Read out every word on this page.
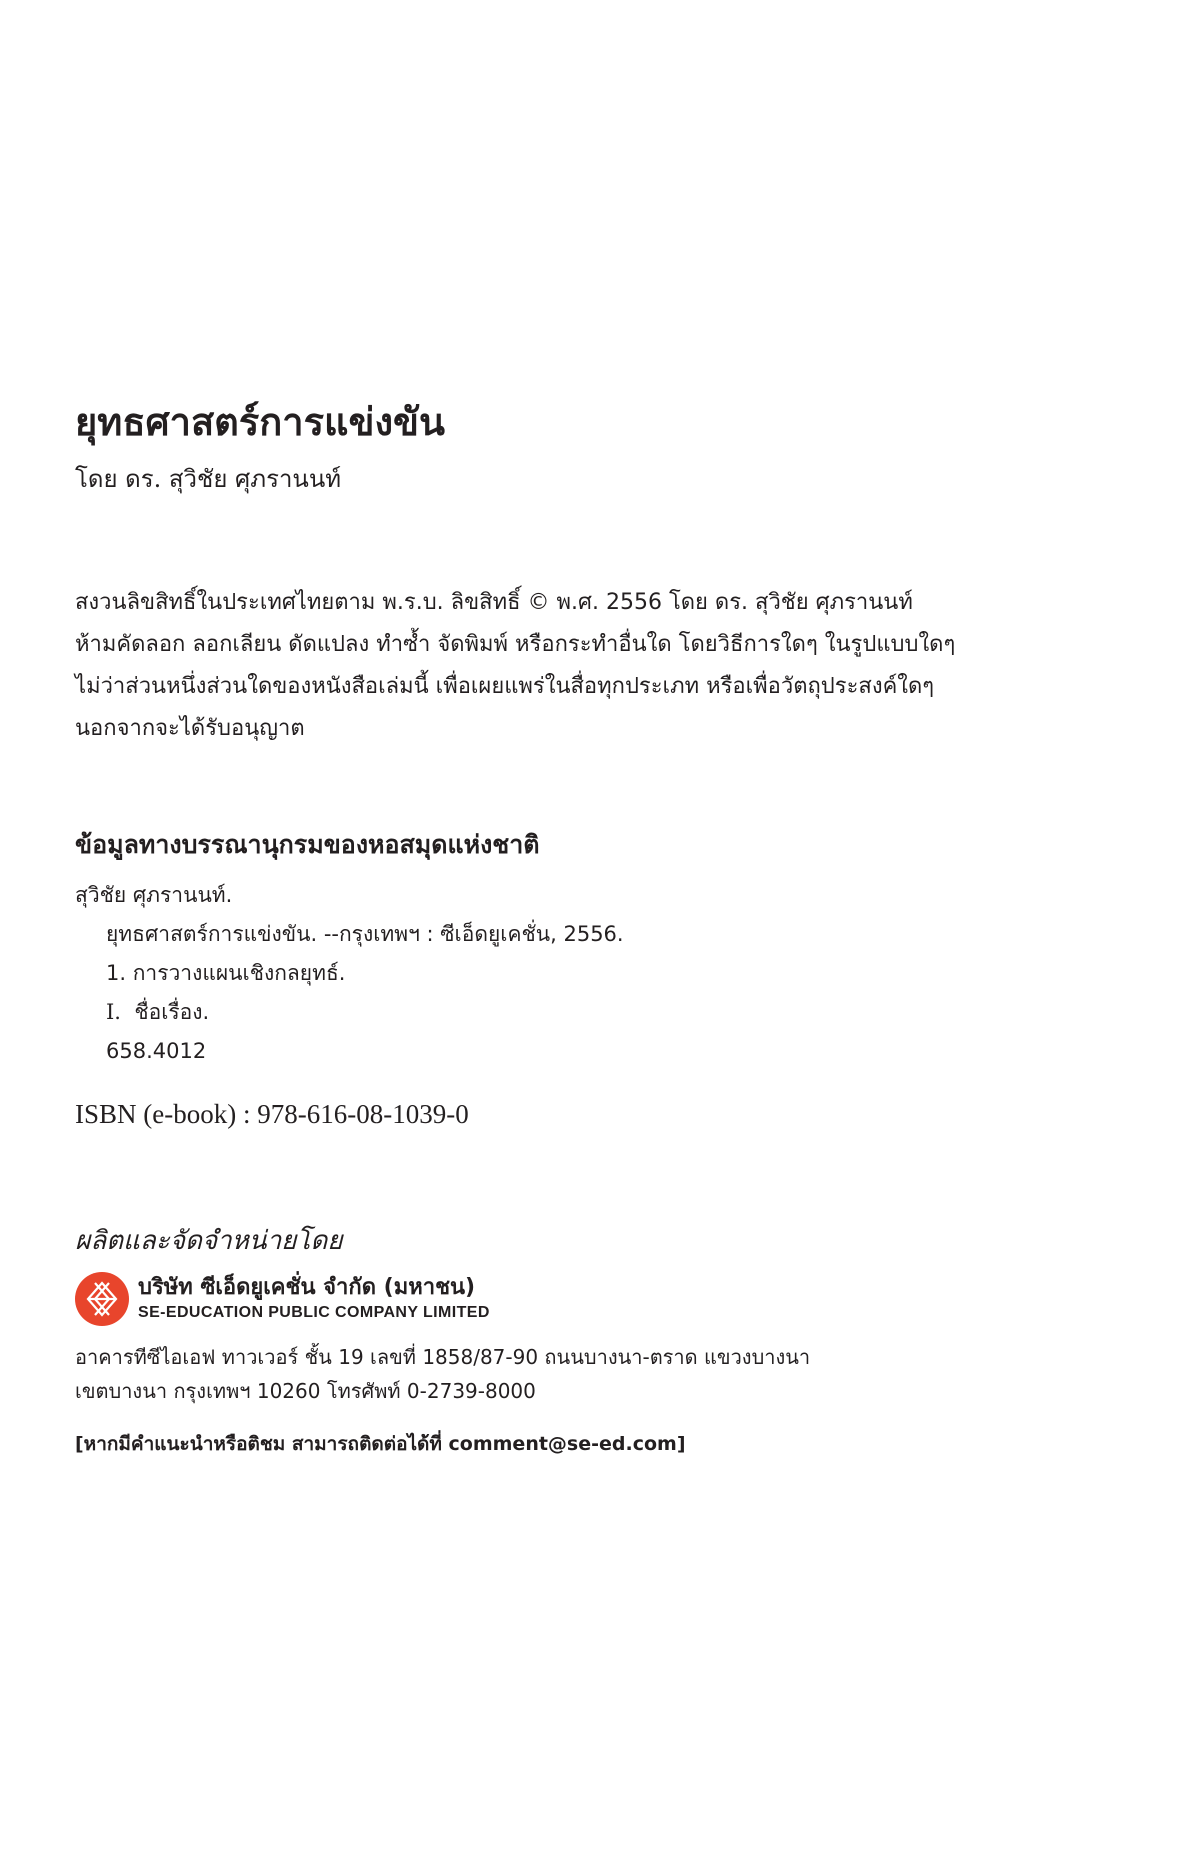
ยุทธศาสตร์การแข่งขัน
โดย ดร. สุวิชัย ศุภรานนท์
สงวนลิขสิทธิ์ในประเทศไทยตาม พ.ร.บ. ลิขสิทธิ์ © พ.ศ. 2556 โดย ดร. สุวิชัย ศุภรานนท์
ห้ามคัดลอก ลอกเลียน ดัดแปลง ทำซ้ำ จัดพิมพ์ หรือกระทำอื่นใด โดยวิธีการใดๆ ในรูปแบบใดๆ
ไม่ว่าส่วนหนึ่งส่วนใดของหนังสือเล่มนี้ เพื่อเผยแพร่ในสื่อทุกประเภท หรือเพื่อวัตถุประสงค์ใดๆ
นอกจากจะได้รับอนุญาต
ข้อมูลทางบรรณานุกรมของหอสมุดแห่งชาติ
สุวิชัย ศุภรานนท์.
ยุทธศาสตร์การแข่งขัน. --กรุงเทพฯ : ซีเอ็ดยูเคชั่น, 2556.
1. การวางแผนเชิงกลยุทธ์.
I. ชื่อเรื่อง.
658.4012
ISBN (e-book) : 978-616-08-1039-0
ผลิตและจัดจำหน่ายโดย
บริษัท ซีเอ็ดยูเคชั่น จำกัด (มหาชน)
SE-EDUCATION PUBLIC COMPANY LIMITED
อาคารทีซีไอเอฟ ทาวเวอร์ ชั้น 19 เลขที่ 1858/87-90 ถนนบางนา-ตราด แขวงบางนา
เขตบางนา กรุงเทพฯ 10260 โทรศัพท์ 0-2739-8000
[หากมีคำแนะนำหรือติชม สามารถติดต่อได้ที่ comment@se-ed.com]
